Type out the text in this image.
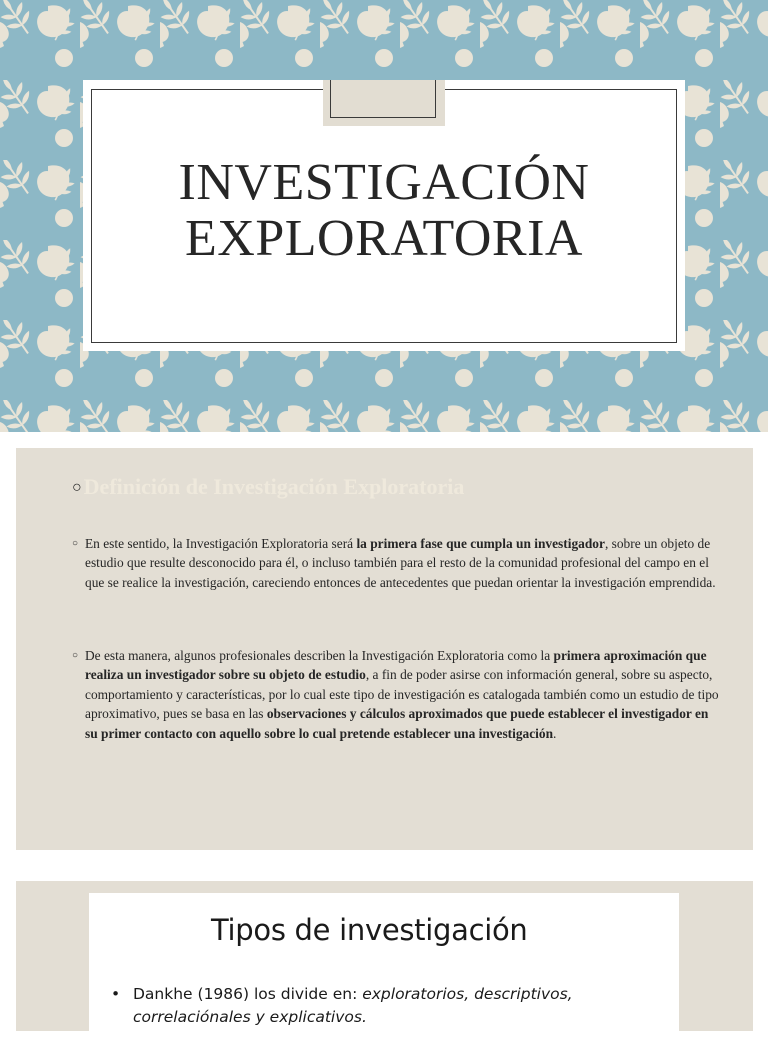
INVESTIGACIÓN
EXPLORATORIA
○Definición de Investigación Exploratoria
○ En este sentido, la Investigación Exploratoria será la primera fase que cumpla un investigador, sobre un objeto de estudio que resulte desconocido para él, o incluso también para el resto de la comunidad profesional del campo en el que se realice la investigación, careciendo entonces de antecedentes que puedan orientar la investigación emprendida.
○ De esta manera, algunos profesionales describen la Investigación Exploratoria como la primera aproximación que realiza un investigador sobre su objeto de estudio, a fin de poder asirse con información general, sobre su aspecto, comportamiento y características, por lo cual este tipo de investigación es catalogada también como un estudio de tipo aproximativo, pues se basa en las observaciones y cálculos aproximados que puede establecer el investigador en su primer contacto con aquello sobre lo cual pretende establecer una investigación.
Tipos de investigación
• Dankhe (1986) los divide en: exploratorios, descriptivos, correlaciónales y explicativos.
